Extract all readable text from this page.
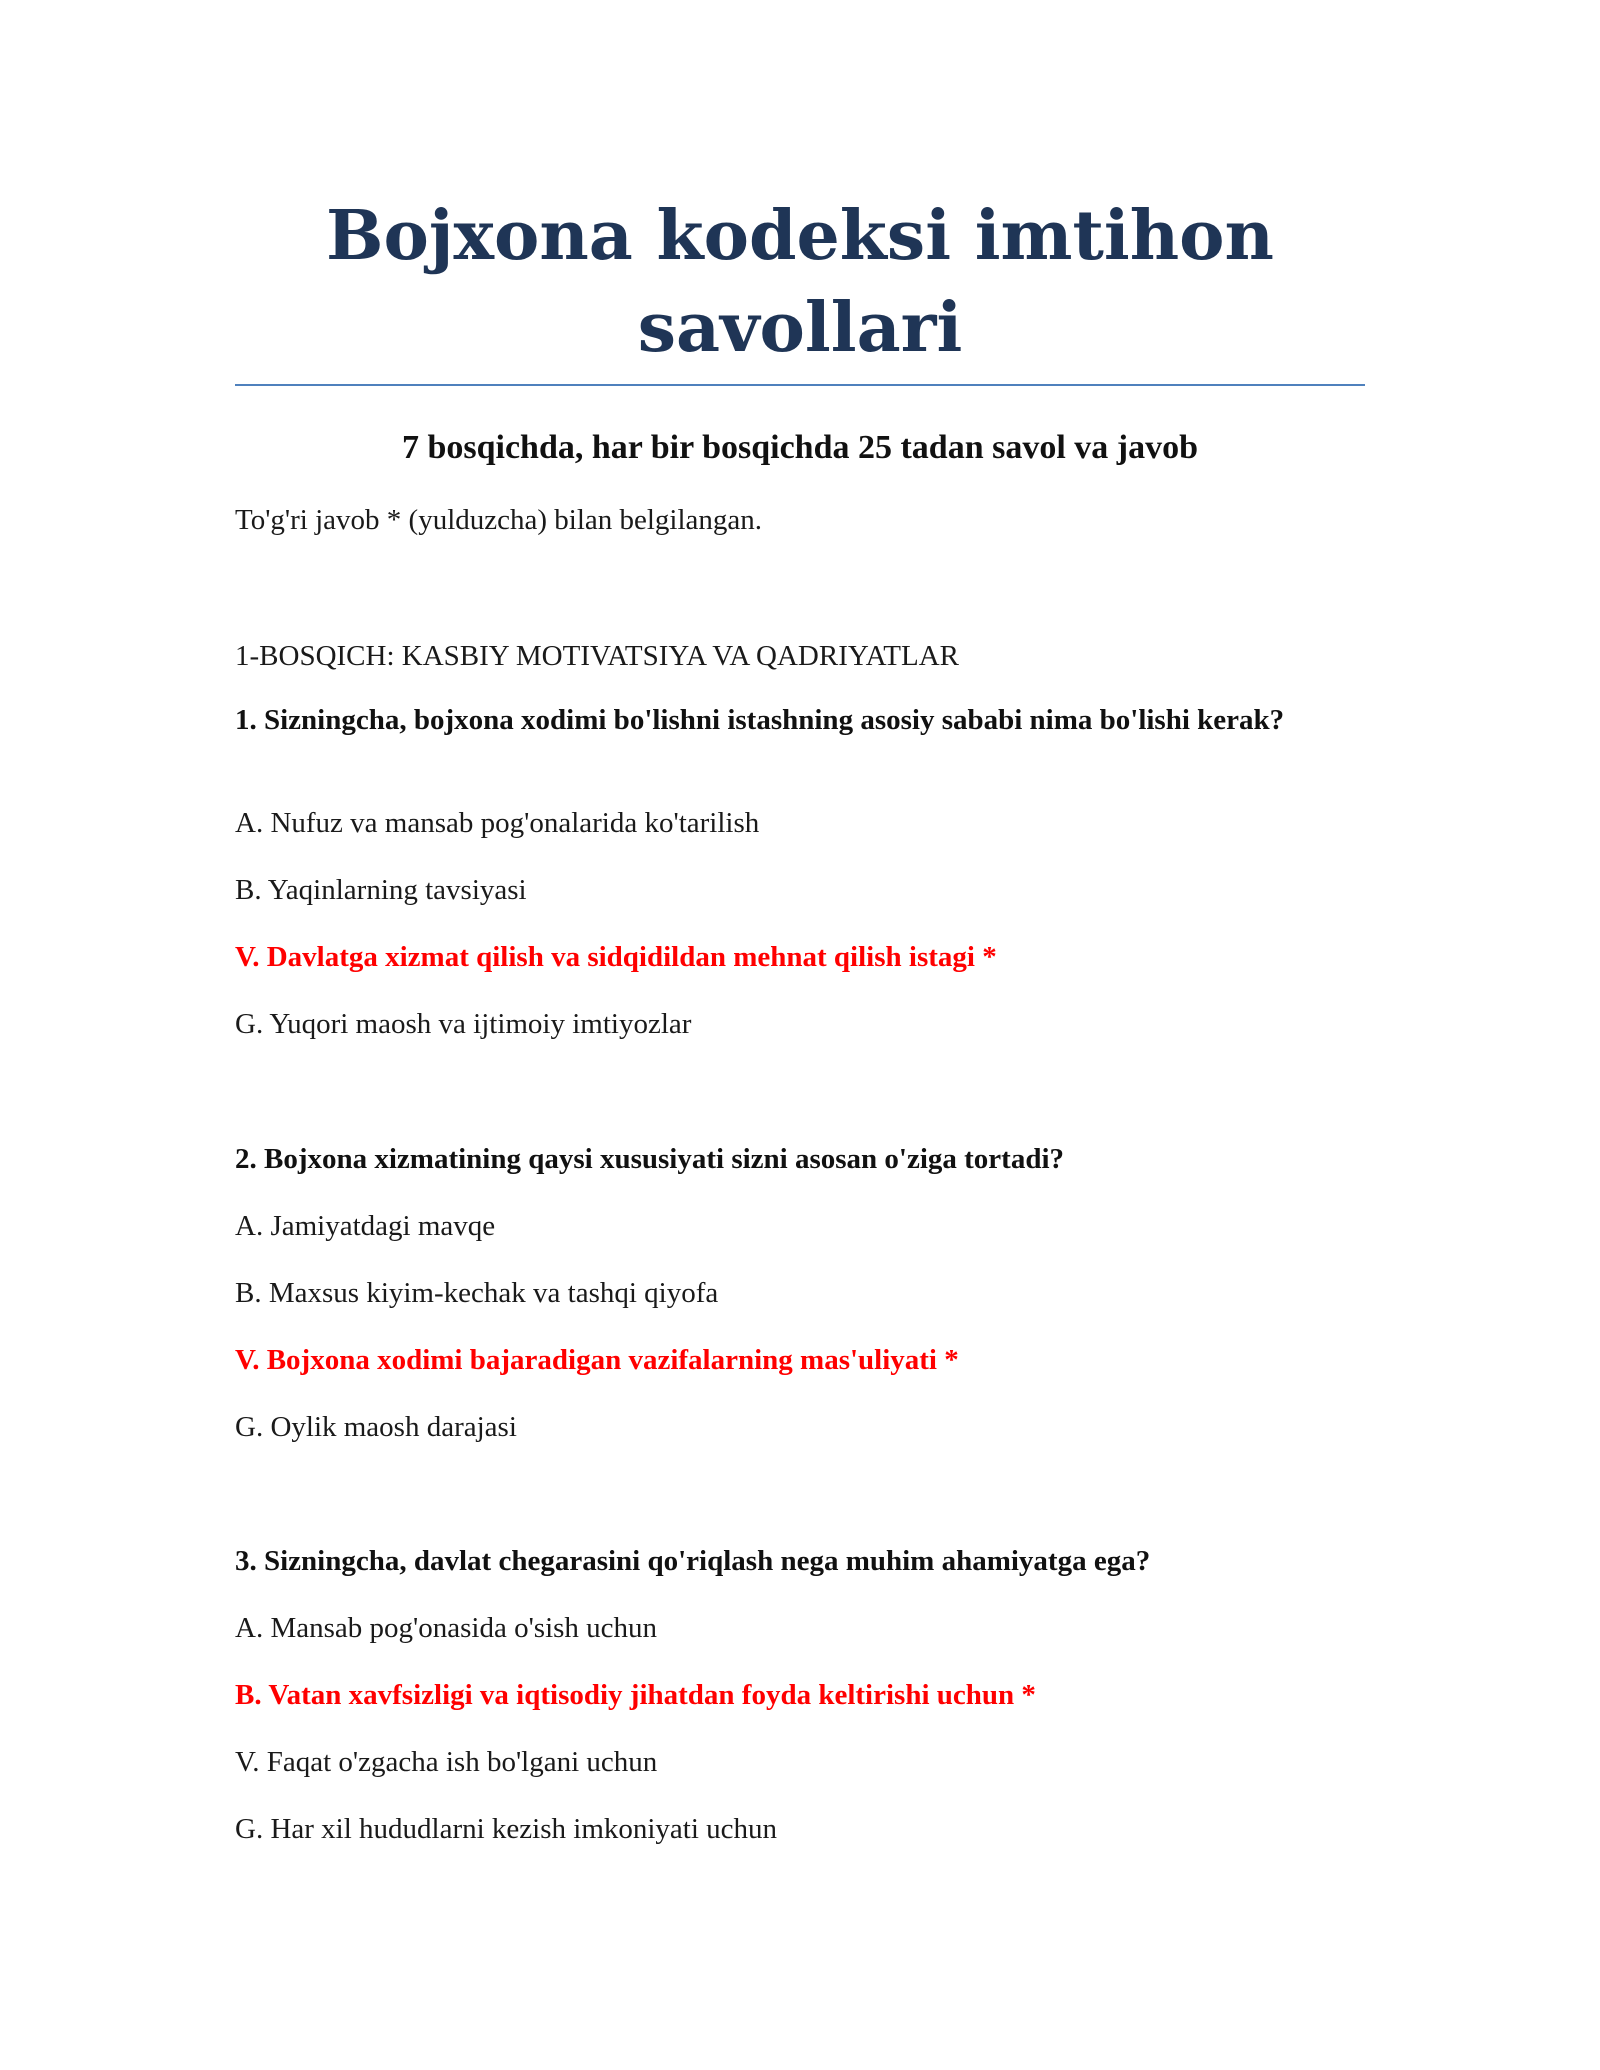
Bojxona kodeksi imtihon savollari
7 bosqichda, har bir bosqichda 25 tadan savol va javob

To'g'ri javob * (yulduzcha) bilan belgilangan.

1-BOSQICH: KASBIY MOTIVATSIYA VA QADRIYATLAR

1. Sizningcha, bojxona xodimi bo'lishni istashning asosiy sababi nima bo'lishi kerak?

A. Nufuz va mansab pog'onalarida ko'tarilish

B. Yaqinlarning tavsiyasi

V. Davlatga xizmat qilish va sidqidildan mehnat qilish istagi *

G. Yuqori maosh va ijtimoiy imtiyozlar

2. Bojxona xizmatining qaysi xususiyati sizni asosan o'ziga tortadi?

A. Jamiyatdagi mavqe

B. Maxsus kiyim-kechak va tashqi qiyofa

V. Bojxona xodimi bajaradigan vazifalarning mas'uliyati *

G. Oylik maosh darajasi

3. Sizningcha, davlat chegarasini qo'riqlash nega muhim ahamiyatga ega?

A. Mansab pog'onasida o'sish uchun

B. Vatan xavfsizligi va iqtisodiy jihatdan foyda keltirishi uchun *

V. Faqat o'zgacha ish bo'lgani uchun

G. Har xil hududlarni kezish imkoniyati uchun
